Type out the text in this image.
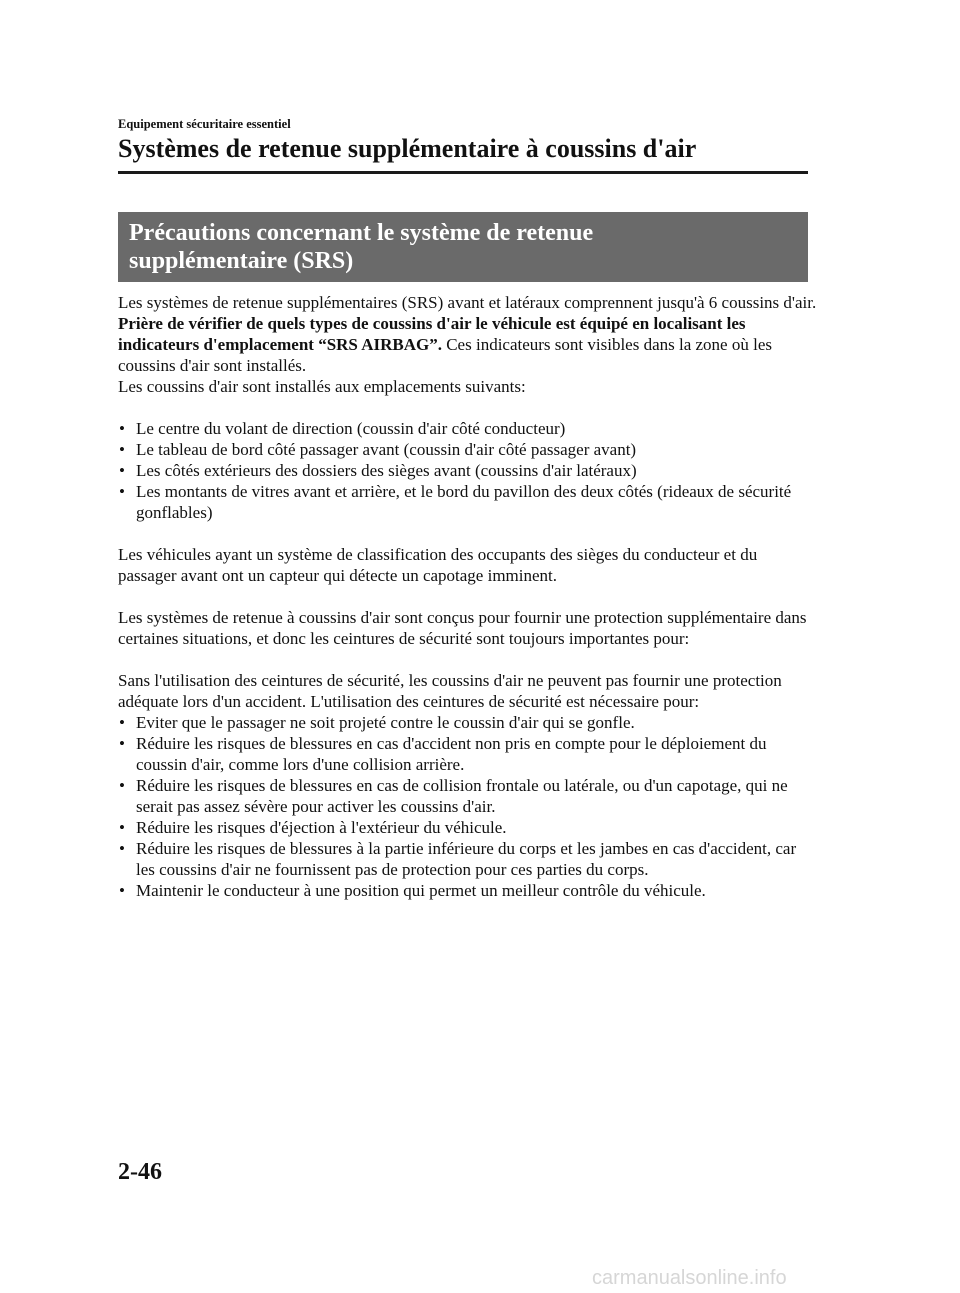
Equipement sécuritaire essentiel
Systèmes de retenue supplémentaire à coussins d'air
Précautions concernant le système de retenue
supplémentaire (SRS)

Les systèmes de retenue supplémentaires (SRS) avant et latéraux comprennent jusqu'à 6 coussins d'air. Prière de vérifier de quels types de coussins d'air le véhicule est équipé en localisant les indicateurs d'emplacement “SRS AIRBAG”. Ces indicateurs sont visibles dans la zone où les coussins d'air sont installés.

Les coussins d'air sont installés aux emplacements suivants:

• Le centre du volant de direction (coussin d'air côté conducteur)
• Le tableau de bord côté passager avant (coussin d'air côté passager avant)
• Les côtés extérieurs des dossiers des sièges avant (coussins d'air latéraux)
• Les montants de vitres avant et arrière, et le bord du pavillon des deux côtés (rideaux de sécurité gonflables)

Les véhicules ayant un système de classification des occupants des sièges du conducteur et du passager avant ont un capteur qui détecte un capotage imminent.

Les systèmes de retenue à coussins d'air sont conçus pour fournir une protection supplémentaire dans certaines situations, et donc les ceintures de sécurité sont toujours importantes pour:

Sans l'utilisation des ceintures de sécurité, les coussins d'air ne peuvent pas fournir une protection adéquate lors d'un accident. L'utilisation des ceintures de sécurité est nécessaire pour:

• Eviter que le passager ne soit projeté contre le coussin d'air qui se gonfle.
• Réduire les risques de blessures en cas d'accident non pris en compte pour le déploiement du coussin d'air, comme lors d'une collision arrière.
• Réduire les risques de blessures en cas de collision frontale ou latérale, ou d'un capotage, qui ne serait pas assez sévère pour activer les coussins d'air.
• Réduire les risques d'éjection à l'extérieur du véhicule.
• Réduire les risques de blessures à la partie inférieure du corps et les jambes en cas d'accident, car les coussins d'air ne fournissent pas de protection pour ces parties du corps.
• Maintenir le conducteur à une position qui permet un meilleur contrôle du véhicule.
2-46
carmanualsonline.info
